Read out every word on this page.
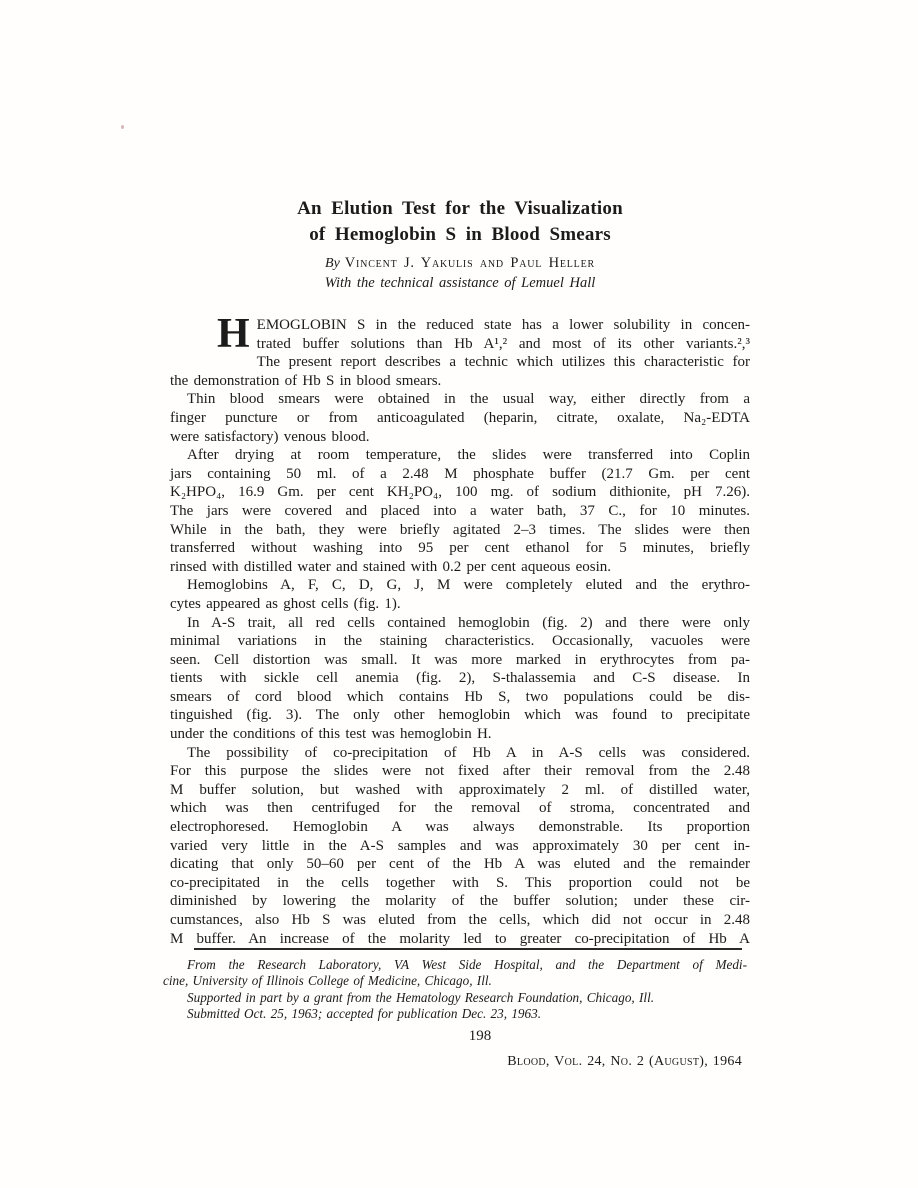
An Elution Test for the Visualization
of Hemoglobin S in Blood Smears
By Vincent J. Yakulis and Paul Heller
With the technical assistance of Lemuel Hall
H EMOGLOBIN S in the reduced state has a lower solubility in concen-
trated buffer solutions than Hb A¹,² and most of its other variants.²,³
The present report describes a technic which utilizes this characteristic for
the demonstration of Hb S in blood smears.
Thin blood smears were obtained in the usual way, either directly from a
finger puncture or from anticoagulated (heparin, citrate, oxalate, Na₂-EDTA
were satisfactory) venous blood.
After drying at room temperature, the slides were transferred into Coplin
jars containing 50 ml. of a 2.48 M phosphate buffer (21.7 Gm. per cent
K₂HPO₄, 16.9 Gm. per cent KH₂PO₄, 100 mg. of sodium dithionite, pH 7.26).
The jars were covered and placed into a water bath, 37 C., for 10 minutes.
While in the bath, they were briefly agitated 2–3 times. The slides were then
transferred without washing into 95 per cent ethanol for 5 minutes, briefly
rinsed with distilled water and stained with 0.2 per cent aqueous eosin.
Hemoglobins A, F, C, D, G, J, M were completely eluted and the erythro-
cytes appeared as ghost cells (fig. 1).
In A-S trait, all red cells contained hemoglobin (fig. 2) and there were only
minimal variations in the staining characteristics. Occasionally, vacuoles were
seen. Cell distortion was small. It was more marked in erythrocytes from pa-
tients with sickle cell anemia (fig. 2), S-thalassemia and C-S disease. In
smears of cord blood which contains Hb S, two populations could be dis-
tinguished (fig. 3). The only other hemoglobin which was found to precipitate
under the conditions of this test was hemoglobin H.
The possibility of co-precipitation of Hb A in A-S cells was considered.
For this purpose the slides were not fixed after their removal from the 2.48
M buffer solution, but washed with approximately 2 ml. of distilled water,
which was then centrifuged for the removal of stroma, concentrated and
electrophoresed. Hemoglobin A was always demonstrable. Its proportion
varied very little in the A-S samples and was approximately 30 per cent in-
dicating that only 50–60 per cent of the Hb A was eluted and the remainder
co-precipitated in the cells together with S. This proportion could not be
diminished by lowering the molarity of the buffer solution; under these cir-
cumstances, also Hb S was eluted from the cells, which did not occur in 2.48
M buffer. An increase of the molarity led to greater co-precipitation of Hb A
From the Research Laboratory, VA West Side Hospital, and the Department of Medi-
cine, University of Illinois College of Medicine, Chicago, Ill.
Supported in part by a grant from the Hematology Research Foundation, Chicago, Ill.
Submitted Oct. 25, 1963; accepted for publication Dec. 23, 1963.
198
Blood, Vol. 24, No. 2 (August), 1964
